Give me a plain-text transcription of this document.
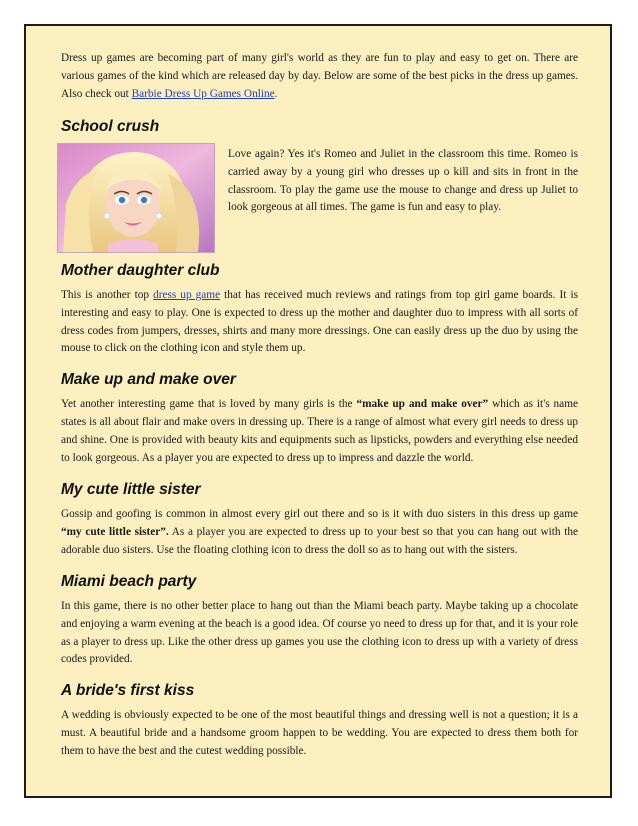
Dress up games are becoming part of many girl's world as they are fun to play and easy to get on. There are various games of the kind which are released day by day. Below are some of the best picks in the dress up games. Also check out Barbie Dress Up Games Online.

School crush

Love again? Yes it's Romeo and Juliet in the classroom this time. Romeo is carried away by a young girl who dresses up o kill and sits in front in the classroom. To play the game use the mouse to change and dress up Juliet to look gorgeous at all times. The game is fun and easy to play.

Mother daughter club

This is another top dress up game that has received much reviews and ratings from top girl game boards. It is interesting and easy to play. One is expected to dress up the mother and daughter duo to impress with all sorts of dress codes from jumpers, dresses, shirts and many more dressings. One can easily dress up the duo by using the mouse to click on the clothing icon and style them up.

Make up and make over

Yet another interesting game that is loved by many girls is the “make up and make over” which as it's name states is all about flair and make overs in dressing up. There is a range of almost what every girl needs to dress up and shine. One is provided with beauty kits and equipments such as lipsticks, powders and everything else needed to look gorgeous. As a player you are expected to dress up to impress and dazzle the world.

My cute little sister

Gossip and goofing is common in almost every girl out there and so is it with duo sisters in this dress up game “my cute little sister”. As a player you are expected to dress up to your best so that you can hang out with the adorable duo sisters. Use the floating clothing icon to dress the doll so as to hang out with the sisters.

Miami beach party

In this game, there is no other better place to hang out than the Miami beach party. Maybe taking up a chocolate and enjoying a warm evening at the beach is a good idea. Of course yo need to dress up for that, and it is your role as a player to dress up. Like the other dress up games you use the clothing icon to dress up with a variety of dress codes provided.

A bride's first kiss

A wedding is obviously expected to be one of the most beautiful things and dressing well is not a question; it is a must. A beautiful bride and a handsome groom happen to be wedding. You are expected to dress them both for them to have the best and the cutest wedding possible.
